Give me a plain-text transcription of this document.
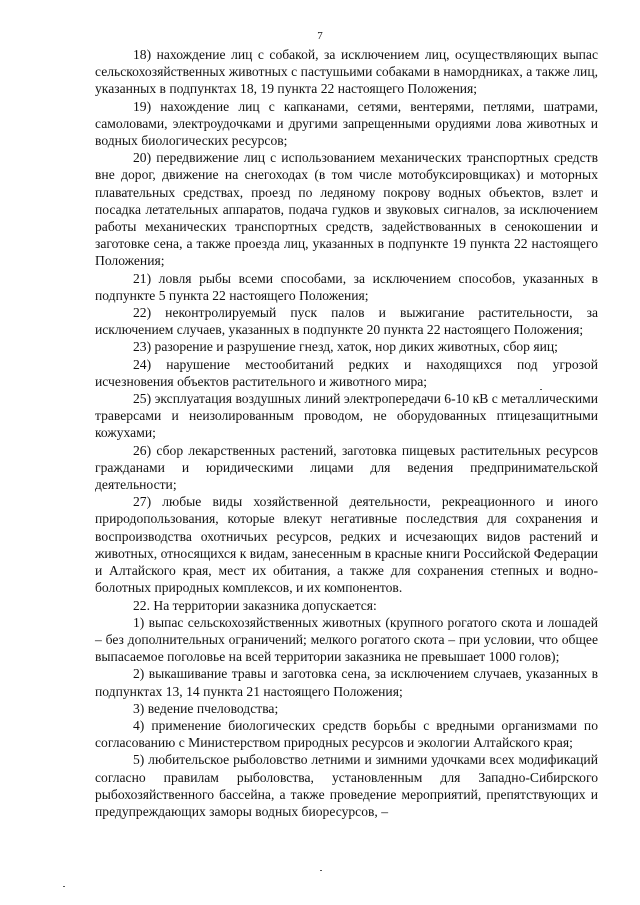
7

18) нахождение лиц с собакой, за исключением лиц, осуществляющих выпас сельскохозяйственных животных с пастушьими собаками в намордниках, а также лиц, указанных в подпунктах 18, 19 пункта 22 настоящего Положения;

19) нахождение лиц с капканами, сетями, вентерями, петлями, шатрами, самоловами, электроудочками и другими запрещенными орудиями лова животных и водных биологических ресурсов;

20) передвижение лиц с использованием механических транспортных средств вне дорог, движение на снегоходах (в том числе мотобуксировщиках) и моторных плавательных средствах, проезд по ледяному покрову водных объектов, взлет и посадка летательных аппаратов, подача гудков и звуковых сигналов, за исключением работы механических транспортных средств, задействованных в сенокошении и заготовке сена, а также проезда лиц, указанных в подпункте 19 пункта 22 настоящего Положения;

21) ловля рыбы всеми способами, за исключением способов, указанных в подпункте 5 пункта 22 настоящего Положения;

22) неконтролируемый пуск палов и выжигание растительности, за исключением случаев, указанных в подпункте 20 пункта 22 настоящего Положения;

23) разорение и разрушение гнезд, хаток, нор диких животных, сбор яиц;

24) нарушение местообитаний редких и находящихся под угрозой исчезновения объектов растительного и животного мира;

25) эксплуатация воздушных линий электропередачи 6-10 кВ с металлическими траверсами и неизолированным проводом, не оборудованных птицезащитными кожухами;

26) сбор лекарственных растений, заготовка пищевых растительных ресурсов гражданами и юридическими лицами для ведения предпринимательской деятельности;

27) любые виды хозяйственной деятельности, рекреационного и иного природопользования, которые влекут негативные последствия для сохранения и воспроизводства охотничьих ресурсов, редких и исчезающих видов растений и животных, относящихся к видам, занесенным в красные книги Российской Федерации и Алтайского края, мест их обитания, а также для сохранения степных и водно-болотных природных комплексов, и их компонентов.

22. На территории заказника допускается:

1) выпас сельскохозяйственных животных (крупного рогатого скота и лошадей – без дополнительных ограничений; мелкого рогатого скота – при условии, что общее выпасаемое поголовье на всей территории заказника не превышает 1000 голов);

2) выкашивание травы и заготовка сена, за исключением случаев, указанных в подпунктах 13, 14 пункта 21 настоящего Положения;

3) ведение пчеловодства;

4) применение биологических средств борьбы с вредными организмами по согласованию с Министерством природных ресурсов и экологии Алтайского края;

5) любительское рыболовство летними и зимними удочками всех модификаций согласно правилам рыболовства, установленным для Западно-Сибирского рыбохозяйственного бассейна, а также проведение мероприятий, препятствующих и предупреждающих заморы водных биоресурсов, –
